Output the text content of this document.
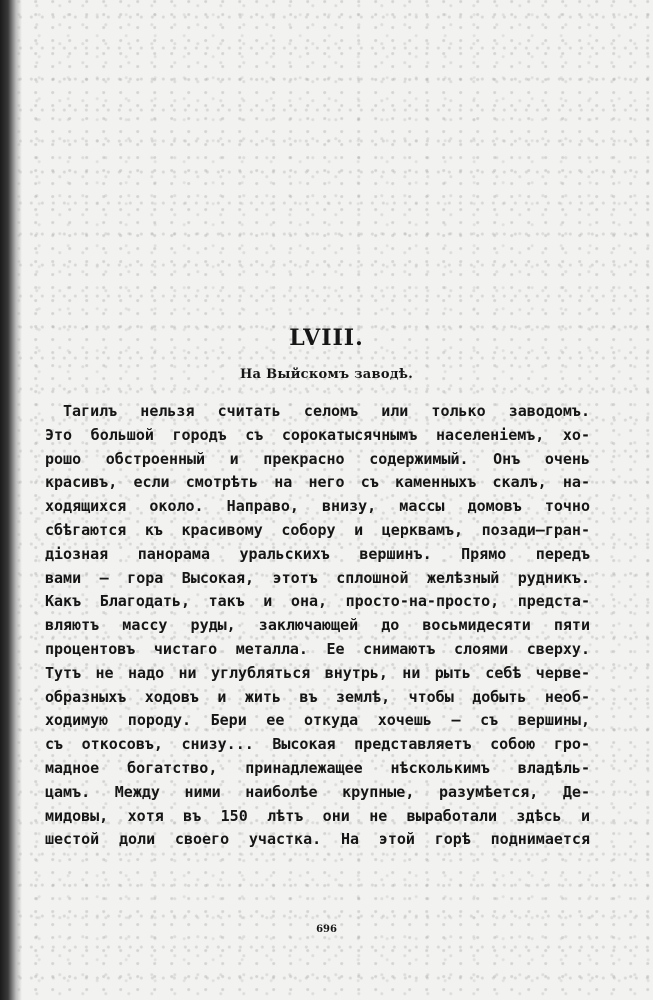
LVIII.
На Выйскомъ заводѣ.
Тагилъ нельзя считать селомъ или только заводомъ.
Это большой городъ съ сорокатысячнымъ населеніемъ, хо-
рошо обстроенный и прекрасно содержимый. Онъ очень
красивъ, если смотрѣть на него съ каменныхъ скалъ, на-
ходящихся около. Направо, внизу, массы домовъ точно
сбѣгаются къ красивому собору и церквамъ, позади—гран-
діозная панорама уральскихъ вершинъ. Прямо передъ
вами — гора Высокая, этотъ сплошной желѣзный рудникъ.
Какъ Благодать, такъ и она, просто-на-просто, предста-
вляютъ массу руды, заключающей до восьмидесяти пяти
процентовъ чистаго металла. Ее снимаютъ слоями сверху.
Тутъ не надо ни углубляться внутрь, ни рыть себѣ черве-
образныхъ ходовъ и жить въ землѣ, чтобы добыть необ-
ходимую породу. Бери ее откуда хочешь — съ вершины,
съ откосовъ, снизу... Высокая представляетъ собою гро-
мадное богатство, принадлежащее нѣсколькимъ владѣль-
цамъ. Между ними наиболѣе крупные, разумѣется, Де-
мидовы, хотя въ 150 лѣтъ они не выработали здѣсь и
шестой доли своего участка. На этой горѣ поднимается
696
